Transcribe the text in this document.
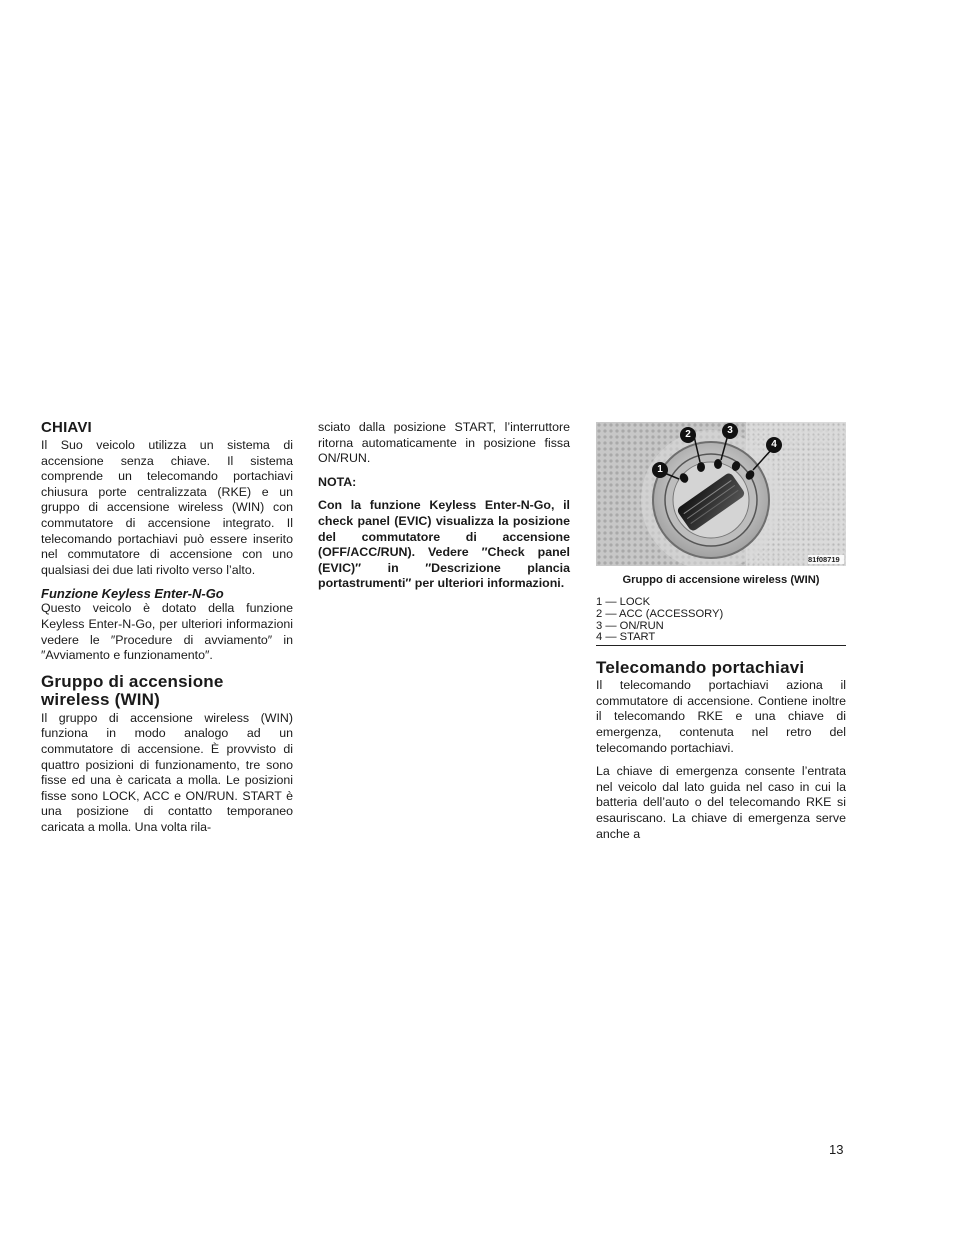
CHIAVI

Il Suo veicolo utilizza un sistema di accensione senza chiave. Il sistema comprende un telecomando portachiavi chiusura porte centralizzata (RKE) e un gruppo di accensione wireless (WIN) con commutatore di accensione integrato. Il telecomando portachiavi può essere inserito nel commutatore di accensione con uno qualsiasi dei due lati rivolto verso l’alto.

Funzione Keyless Enter-N-Go

Questo veicolo è dotato della funzione Keyless Enter-N-Go, per ulteriori informazioni vedere le ″Procedure di avviamento″ in ″Avviamento e funzionamento″.

Gruppo di accensione wireless (WIN)

Il gruppo di accensione wireless (WIN) funziona in modo analogo ad un commutatore di accensione. È provvisto di quattro posizioni di funzionamento, tre sono fisse ed una è caricata a molla. Le posizioni fisse sono LOCK, ACC e ON/RUN. START è una posizione di contatto temporaneo caricata a molla. Una volta rila-

sciato dalla posizione START, l’interruttore ritorna automaticamente in posizione fissa ON/RUN.

NOTA:

Con la funzione Keyless Enter-N-Go, il check panel (EVIC) visualizza la posizione del commutatore di accensione (OFF/ACC/RUN). Vedere ″Check panel (EVIC)″ in ″Descrizione plancia portastrumenti″ per ulteriori informazioni.

1
2	3
4
81f08719
Gruppo di accensione wireless (WIN)
1 — LOCK
2 — ACC (ACCESSORY)
3 — ON/RUN
4 — START
Telecomando portachiavi

Il telecomando portachiavi aziona il commutatore di accensione. Contiene inoltre il telecomando RKE e una chiave di emergenza, contenuta nel retro del telecomando portachiavi.

La chiave di emergenza consente l’entrata nel veicolo dal lato guida nel caso in cui la batteria dell’auto o del telecomando RKE si esauriscano. La chiave di emergenza serve anche a

13
